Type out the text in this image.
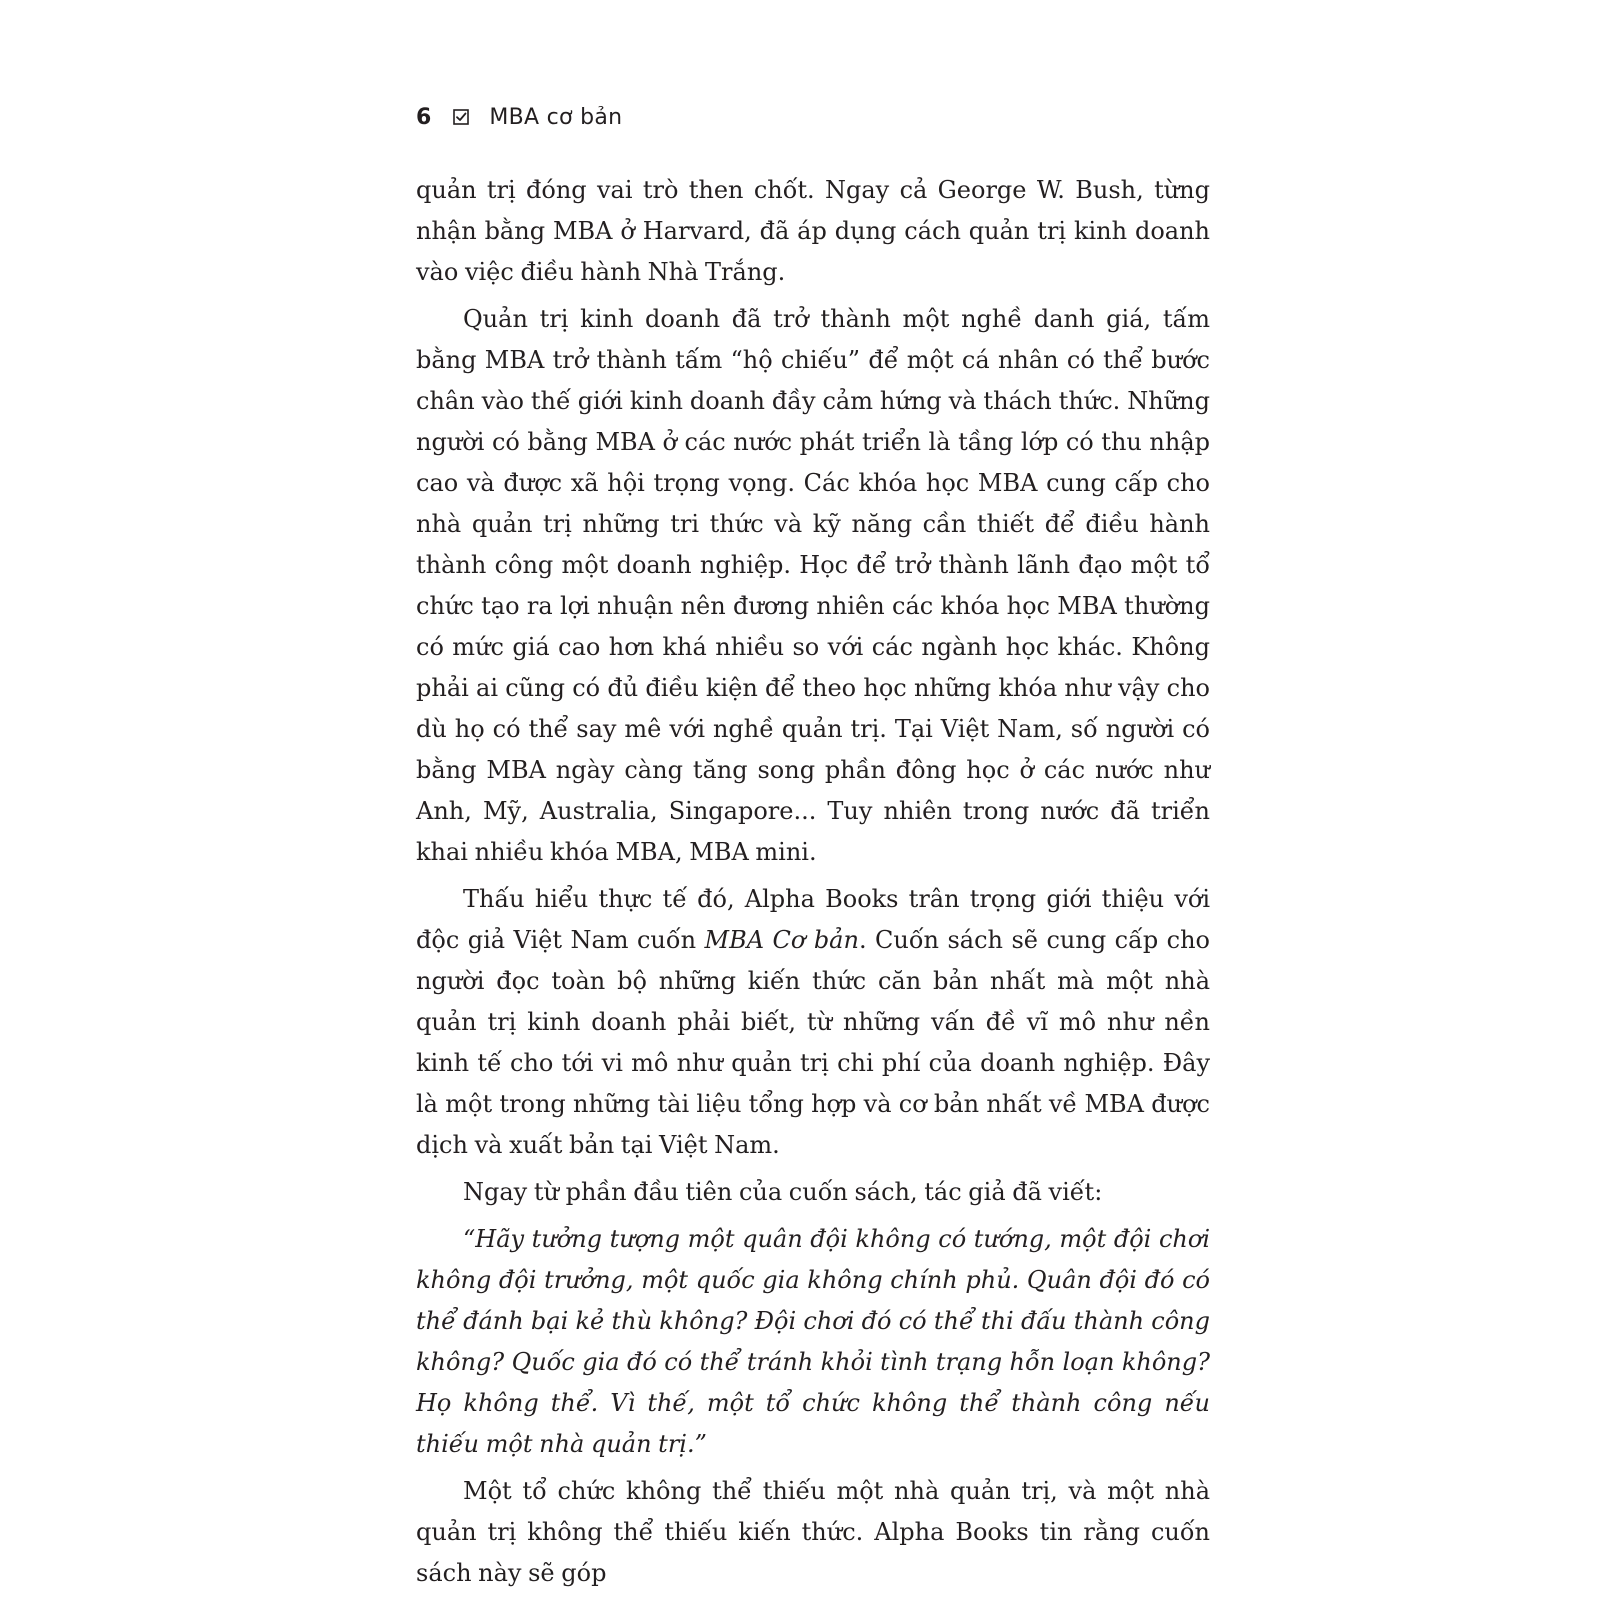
6	MBA cơ bản

quản trị đóng vai trò then chốt. Ngay cả George W. Bush, từng nhận bằng MBA ở Harvard, đã áp dụng cách quản trị kinh doanh vào việc điều hành Nhà Trắng.

Quản trị kinh doanh đã trở thành một nghề danh giá, tấm bằng MBA trở thành tấm “hộ chiếu” để một cá nhân có thể bước chân vào thế giới kinh doanh đầy cảm hứng và thách thức. Những người có bằng MBA ở các nước phát triển là tầng lớp có thu nhập cao và được xã hội trọng vọng. Các khóa học MBA cung cấp cho nhà quản trị những tri thức và kỹ năng cần thiết để điều hành thành công một doanh nghiệp. Học để trở thành lãnh đạo một tổ chức tạo ra lợi nhuận nên đương nhiên các khóa học MBA thường có mức giá cao hơn khá nhiều so với các ngành học khác. Không phải ai cũng có đủ điều kiện để theo học những khóa như vậy cho dù họ có thể say mê với nghề quản trị. Tại Việt Nam, số người có bằng MBA ngày càng tăng song phần đông học ở các nước như Anh, Mỹ, Australia, Singapore... Tuy nhiên trong nước đã triển khai nhiều khóa MBA, MBA mini.

Thấu hiểu thực tế đó, Alpha Books trân trọng giới thiệu với độc giả Việt Nam cuốn MBA Cơ bản. Cuốn sách sẽ cung cấp cho người đọc toàn bộ những kiến thức căn bản nhất mà một nhà quản trị kinh doanh phải biết, từ những vấn đề vĩ mô như nền kinh tế cho tới vi mô như quản trị chi phí của doanh nghiệp. Đây là một trong những tài liệu tổng hợp và cơ bản nhất về MBA được dịch và xuất bản tại Việt Nam.

Ngay từ phần đầu tiên của cuốn sách, tác giả đã viết:

“Hãy tưởng tượng một quân đội không có tướng, một đội chơi không đội trưởng, một quốc gia không chính phủ. Quân đội đó có thể đánh bại kẻ thù không? Đội chơi đó có thể thi đấu thành công không? Quốc gia đó có thể tránh khỏi tình trạng hỗn loạn không? Họ không thể. Vì thế, một tổ chức không thể thành công nếu thiếu một nhà quản trị.”

Một tổ chức không thể thiếu một nhà quản trị, và một nhà quản trị không thể thiếu kiến thức. Alpha Books tin rằng cuốn sách này sẽ góp
